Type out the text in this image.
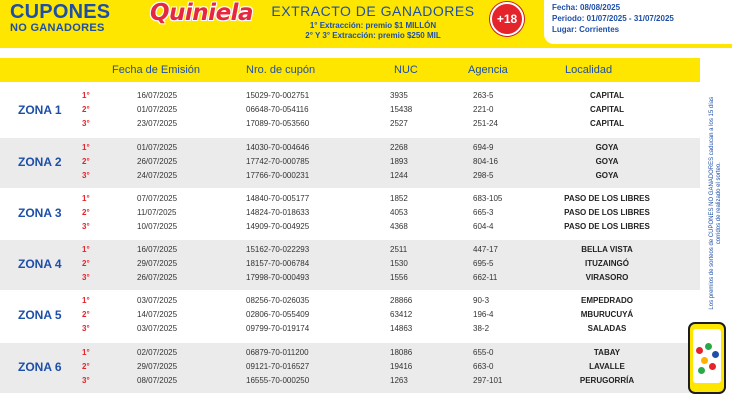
CUPONES
NO GANADORES
Quiniela	EXTRACTO DE GANADORES
1° Extracción: premio $1 MILLÓN
2° Y 3° Extracción: premio $250 MIL
+18
Fecha: 08/08/2025
Periodo: 01/07/2025 - 31/07/2025
Lugar: Corrientes
Fecha de Emisión	Nro. de cupón	NUC	Agencia	Localidad
ZONA 1
1°	16/07/2025	15029-70-002751	3935	263-5	CAPITAL
2°	01/07/2025	06648-70-054116	15438	221-0	CAPITAL
3°	23/07/2025	17089-70-053560	2527	251-24	CAPITAL
ZONA 2
1°	01/07/2025	14030-70-004646	2268	694-9	GOYA
2°	26/07/2025	17742-70-000785	1893	804-16	GOYA
3°	24/07/2025	17766-70-000231	1244	298-5	GOYA
ZONA 3
1°	07/07/2025	14840-70-005177	1852	683-105	PASO DE LOS LIBRES
2°	11/07/2025	14824-70-018633	4053	665-3	PASO DE LOS LIBRES
3°	10/07/2025	14909-70-004925	4368	604-4	PASO DE LOS LIBRES
ZONA 4
1°	16/07/2025	15162-70-022293	2511	447-17	BELLA VISTA
2°	29/07/2025	18157-70-006784	1530	695-5	ITUZAINGÓ
3°	26/07/2025	17998-70-000493	1556	662-11	VIRASORO
ZONA 5
1°	03/07/2025	08256-70-026035	28866	90-3	EMPEDRADO
2°	14/07/2025	02806-70-055409	63412	196-4	MBURUCUYÁ
3°	03/07/2025	09799-70-019174	14863	38-2	SALADAS
ZONA 6
1°	02/07/2025	06879-70-011200	18086	655-0	TABAY
2°	29/07/2025	09121-70-016527	19416	663-0	LAVALLE
3°	08/07/2025	16555-70-000250	1263	297-101	PERUGORRÍA
Los premios de sorteos de CUPONES NO GANADORES caducan a los 15 días corridos de realizado el sorteo.
